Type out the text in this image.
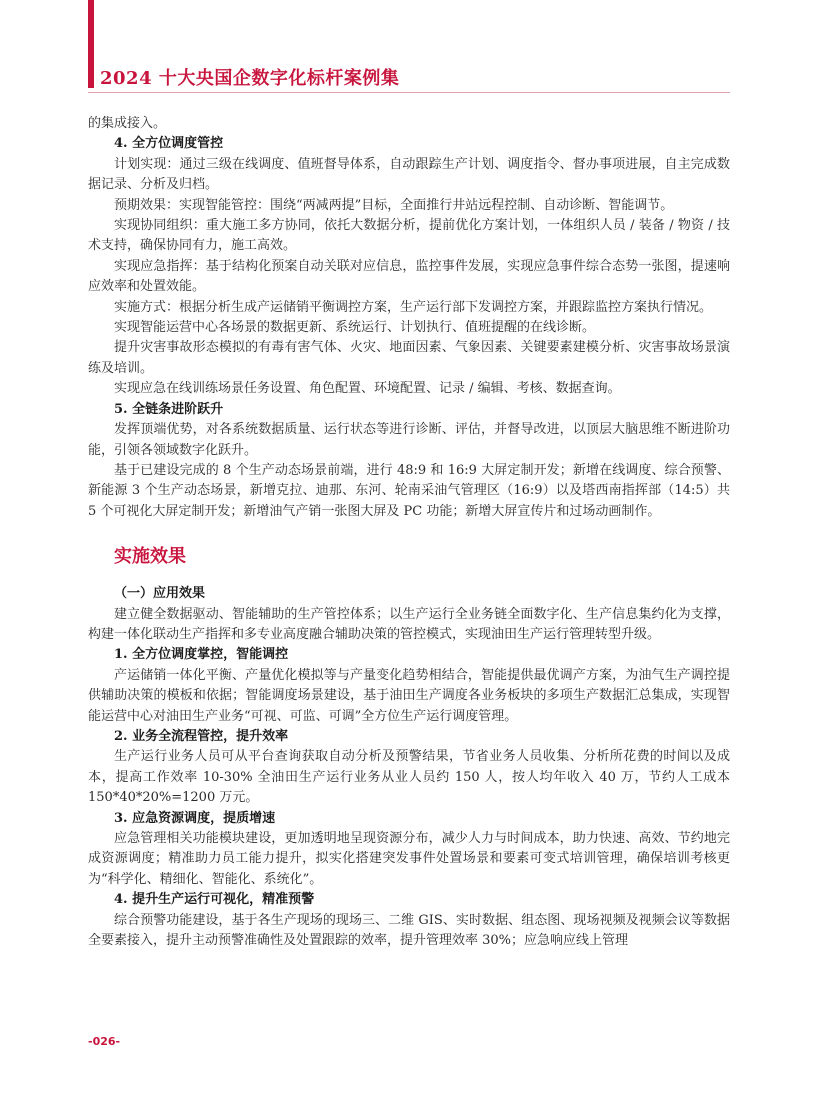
2024 十大央国企数字化标杆案例集

的集成接入。

4. 全方位调度管控

计划实现：通过三级在线调度、值班督导体系，自动跟踪生产计划、调度指令、督办事项进展，自主完成数据记录、分析及归档。

预期效果：实现智能管控：围绕“两减两提”目标，全面推行井站远程控制、自动诊断、智能调节。

实现协同组织：重大施工多方协同，依托大数据分析，提前优化方案计划，一体组织人员 / 装备 / 物资 / 技术支持，确保协同有力，施工高效。

实现应急指挥：基于结构化预案自动关联对应信息，监控事件发展，实现应急事件综合态势一张图，提速响应效率和处置效能。

实施方式：根据分析生成产运储销平衡调控方案，生产运行部下发调控方案，并跟踪监控方案执行情况。

实现智能运营中心各场景的数据更新、系统运行、计划执行、值班提醒的在线诊断。

提升灾害事故形态模拟的有毒有害气体、火灾、地面因素、气象因素、关键要素建模分析、灾害事故场景演练及培训。

实现应急在线训练场景任务设置、角色配置、环境配置、记录 / 编辑、考核、数据查询。

5. 全链条进阶跃升

发挥顶端优势，对各系统数据质量、运行状态等进行诊断、评估，并督导改进，以顶层大脑思维不断进阶功能，引领各领域数字化跃升。

基于已建设完成的 8 个生产动态场景前端，进行 48:9 和 16:9 大屏定制开发；新增在线调度、综合预警、新能源 3 个生产动态场景，新增克拉、迪那、东河、轮南采油气管理区（16:9）以及塔西南指挥部（14:5）共 5 个可视化大屏定制开发；新增油气产销一张图大屏及 PC 功能；新增大屏宣传片和过场动画制作。

实施效果

（一）应用效果

建立健全数据驱动、智能辅助的生产管控体系；以生产运行全业务链全面数字化、生产信息集约化为支撑，构建一体化联动生产指挥和多专业高度融合辅助决策的管控模式，实现油田生产运行管理转型升级。

1. 全方位调度掌控，智能调控

产运储销一体化平衡、产量优化模拟等与产量变化趋势相结合，智能提供最优调产方案，为油气生产调控提供辅助决策的模板和依据；智能调度场景建设，基于油田生产调度各业务板块的多项生产数据汇总集成，实现智能运营中心对油田生产业务“可视、可监、可调”全方位生产运行调度管理。

2. 业务全流程管控，提升效率

生产运行业务人员可从平台查询获取自动分析及预警结果，节省业务人员收集、分析所花费的时间以及成本，提高工作效率 10-30% 全油田生产运行业务从业人员约 150 人，按人均年收入 40 万，节约人工成本 150*40*20%=1200 万元。

3. 应急资源调度，提质增速

应急管理相关功能模块建设，更加透明地呈现资源分布，减少人力与时间成本，助力快速、高效、节约地完成资源调度；精准助力员工能力提升，拟实化搭建突发事件处置场景和要素可变式培训管理，确保培训考核更为“科学化、精细化、智能化、系统化”。

4. 提升生产运行可视化，精准预警

综合预警功能建设，基于各生产现场的现场三、二维 GIS、实时数据、组态图、现场视频及视频会议等数据全要素接入，提升主动预警准确性及处置跟踪的效率，提升管理效率 30%；应急响应线上管理

-026-
